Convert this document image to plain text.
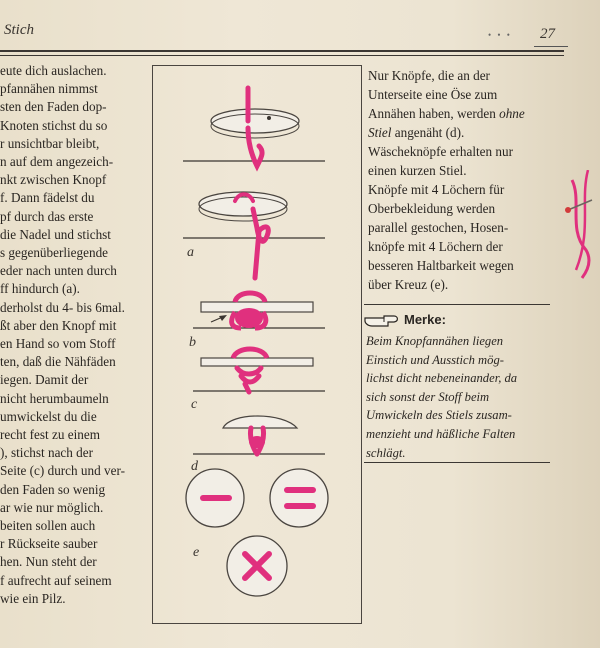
Stich	• • • 27
eute dich auslachen.
pfannähen nimmst
sten den Faden dop-
Knoten stichst du so
r unsichtbar bleibt,
n auf dem angezeich-
nkt zwischen Knopf
f. Dann fädelst du
pf durch das erste
die Nadel und stichst
s gegenüberliegende
eder nach unten durch
ff hindurch (a).
derholst du 4- bis 6mal.
ßt aber den Knopf mit
en Hand so vom Stoff
ten, daß die Nähfäden
iegen. Damit der
nicht herumbaumeln
umwickelst du die
recht fest zu einem
), stichst nach der
Seite (c) durch und ver-
den Faden so wenig
ar wie nur möglich.
beiten sollen auch
r Rückseite sauber
hen. Nun steht der
f aufrecht auf seinem
wie ein Pilz.
a
b
c
d
e
Nur Knöpfe, die an der
Unterseite eine Öse zum
Annähen haben, werden ohne
Stiel angenäht (d).
Wäscheknöpfe erhalten nur
einen kurzen Stiel.
Knöpfe mit 4 Löchern für
Oberbekleidung werden
parallel gestochen, Hosen-
knöpfe mit 4 Löchern der
besseren Haltbarkeit wegen
über Kreuz (e).
Merke:
Beim Knopfannähen liegen
Einstich und Ausstich mög-
lichst dicht nebeneinander, da
sich sonst der Stoff beim
Umwickeln des Stiels zusam-
menzieht und häßliche Falten
schlägt.
